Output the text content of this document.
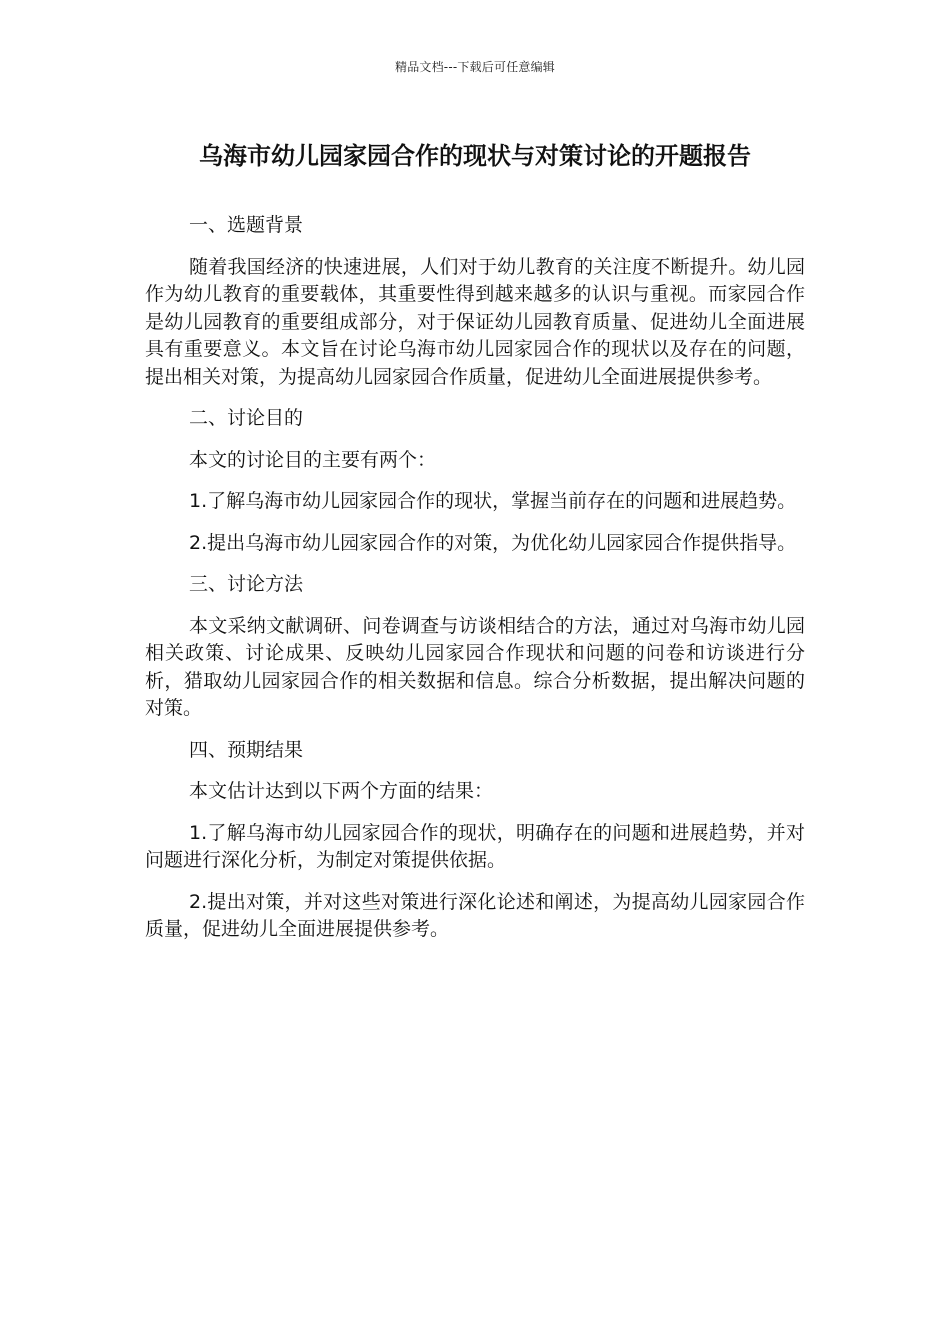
精品文档---下载后可任意编辑
乌海市幼儿园家园合作的现状与对策讨论的开题报告

一、选题背景

随着我国经济的快速进展，人们对于幼儿教育的关注度不断提升。幼儿园作为幼儿教育的重要载体，其重要性得到越来越多的认识与重视。而家园合作是幼儿园教育的重要组成部分，对于保证幼儿园教育质量、促进幼儿全面进展具有重要意义。本文旨在讨论乌海市幼儿园家园合作的现状以及存在的问题，提出相关对策，为提高幼儿园家园合作质量，促进幼儿全面进展提供参考。

二、讨论目的

本文的讨论目的主要有两个：

1.了解乌海市幼儿园家园合作的现状，掌握当前存在的问题和进展趋势。

2.提出乌海市幼儿园家园合作的对策，为优化幼儿园家园合作提供指导。

三、讨论方法

本文采纳文献调研、问卷调查与访谈相结合的方法，通过对乌海市幼儿园相关政策、讨论成果、反映幼儿园家园合作现状和问题的问卷和访谈进行分析，猎取幼儿园家园合作的相关数据和信息。综合分析数据，提出解决问题的对策。

四、预期结果

本文估计达到以下两个方面的结果：

1.了解乌海市幼儿园家园合作的现状，明确存在的问题和进展趋势，并对问题进行深化分析，为制定对策提供依据。

2.提出对策，并对这些对策进行深化论述和阐述，为提高幼儿园家园合作质量，促进幼儿全面进展提供参考。
